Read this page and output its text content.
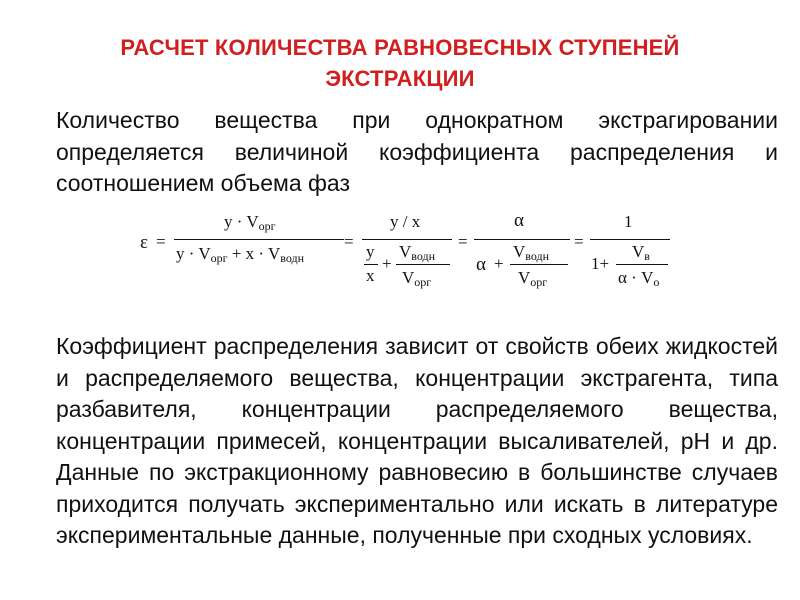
РАСЧЕТ КОЛИЧЕСТВА РАВНОВЕСНЫХ СТУПЕНЕЙ
ЭКСТРАКЦИИ
Количество вещества при однократном экстрагировании определяется величиной коэффициента распределения и соотношением объема фаз
ε =
y · Vорг
y · Vорг + x · Vводн
=
y / x
y
x
+
Vводн
Vорг
=
α
α +
Vводн
Vорг
=
1
1+
Vв
α · Vо
Коэффициент распределения зависит от свойств обеих жидкостей и распределяемого вещества, концентрации экстрагента, типа разбавителя, концентрации распределяемого вещества, концентрации примесей, концентрации высаливателей, рН и др. Данные по экстракционному равновесию в большинстве случаев приходится получать экспериментально или искать в литературе экспериментальные данные, полученные при сходных условиях.
